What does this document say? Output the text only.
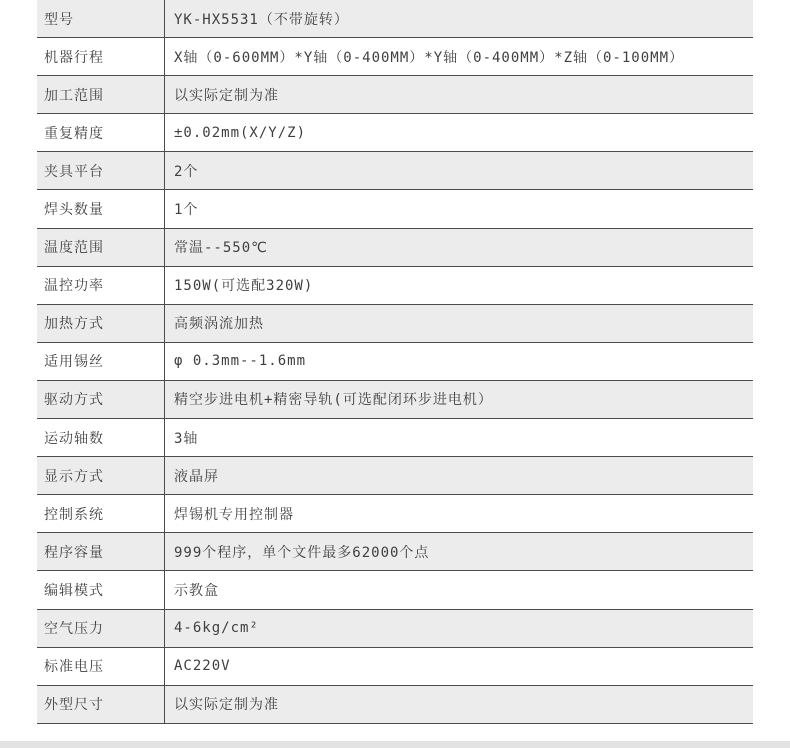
型号	YK-HX5531（不带旋转）
机器行程	X轴（0-600MM）*Y轴（0-400MM）*Y轴（0-400MM）*Z轴（0-100MM）
加工范围	以实际定制为准
重复精度	±0.02mm(X/Y/Z)
夹具平台	2个
焊头数量	1个
温度范围	常温--550℃
温控功率	150W(可选配320W)
加热方式	高频涡流加热
适用锡丝	φ 0.3mm--1.6mm
驱动方式	精空步进电机+精密导轨(可选配闭环步进电机）
运动轴数	3轴
显示方式	液晶屏
控制系统	焊锡机专用控制器
程序容量	999个程序，单个文件最多62000个点
编辑模式	示教盒
空气压力	4-6kg/cm²
标准电压	AC220V
外型尺寸	以实际定制为准
